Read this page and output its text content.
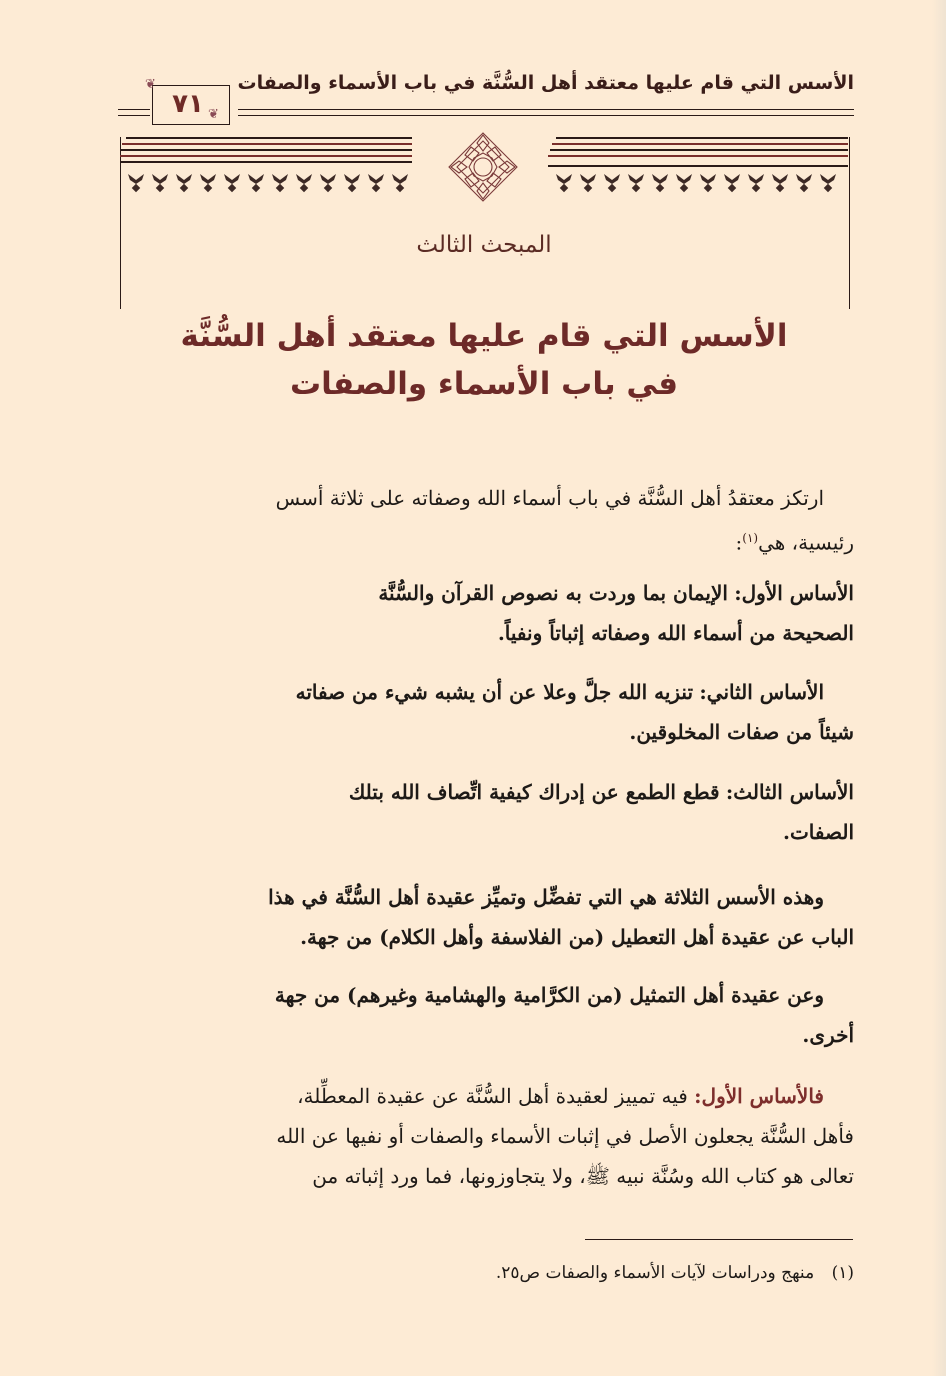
الأسس التي قام عليها معتقد أهل السُّنَّة في باب الأسماء والصفات
❦
❦
٧١
المبحث الثالث
الأسس التي قام عليها معتقد أهل السُّنَّة
في باب الأسماء والصفات
ارتكز معتقدُ أهل السُّنَّة في باب أسماء الله وصفاته على ثلاثة أسس
رئيسية، هي$^{(١)}$:
الأساس الأول: الإيمان بما وردت به نصوص القرآن والسُّنَّة
الصحيحة من أسماء الله وصفاته إثباتاً ونفياً.
الأساس الثاني: تنزيه الله جلَّ وعلا عن أن يشبه شيء من صفاته
شيئاً من صفات المخلوقين.
الأساس الثالث: قطع الطمع عن إدراك كيفية اتِّصاف الله بتلك
الصفات.
وهذه الأسس الثلاثة هي التي تفضِّل وتميِّز عقيدة أهل السُّنَّة في هذا
الباب عن عقيدة أهل التعطيل (من الفلاسفة وأهل الكلام) من جهة.
وعن عقيدة أهل التمثيل (من الكرَّامية والهشامية وغيرهم) من جهة
أخرى.
فالأساس الأول: فيه تمييز لعقيدة أهل السُّنَّة عن عقيدة المعطِّلة،
فأهل السُّنَّة يجعلون الأصل في إثبات الأسماء والصفات أو نفيها عن الله
تعالى هو كتاب الله وسُنَّة نبيه ﷺ، ولا يتجاوزونها، فما ورد إثباته من
(١) منهج ودراسات لآيات الأسماء والصفات ص٢٥.
